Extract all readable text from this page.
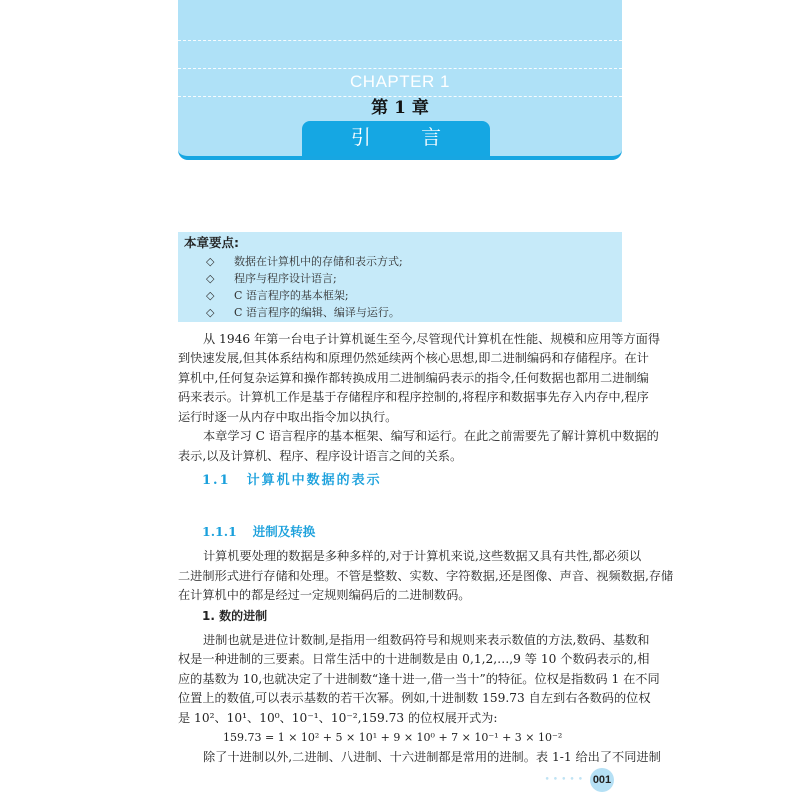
CHAPTER 1
第 1 章
引 言
本章要点:
◇ 数据在计算机中的存储和表示方式;
◇ 程序与程序设计语言;
◇ C 语言程序的基本框架;
◇ C 语言程序的编辑、编译与运行。
从 1946 年第一台电子计算机诞生至今,尽管现代计算机在性能、规模和应用等方面得
到快速发展,但其体系结构和原理仍然延续两个核心思想,即二进制编码和存储程序。在计
算机中,任何复杂运算和操作都转换成用二进制编码表示的指令,任何数据也都用二进制编
码来表示。计算机工作是基于存储程序和程序控制的,将程序和数据事先存入内存中,程序
运行时逐一从内存中取出指令加以执行。
本章学习 C 语言程序的基本框架、编写和运行。在此之前需要先了解计算机中数据的
表示,以及计算机、程序、程序设计语言之间的关系。
1.1 计算机中数据的表示
1.1.1 进制及转换
计算机要处理的数据是多种多样的,对于计算机来说,这些数据又具有共性,都必须以
二进制形式进行存储和处理。不管是整数、实数、字符数据,还是图像、声音、视频数据,存储
在计算机中的都是经过一定规则编码后的二进制数码。
1. 数的进制
进制也就是进位计数制,是指用一组数码符号和规则来表示数值的方法,数码、基数和
权是一种进制的三要素。日常生活中的十进制数是由 0,1,2,…,9 等 10 个数码表示的,相
应的基数为 10,也就决定了十进制数“逢十进一,借一当十”的特征。位权是指数码 1 在不同
位置上的数值,可以表示基数的若干次幂。例如,十进制数 159.73 自左到右各数码的位权
是 10²、10¹、10⁰、10⁻¹、10⁻²,159.73 的位权展开式为:
159.73 = 1 × 10² + 5 × 10¹ + 9 × 10⁰ + 7 × 10⁻¹ + 3 × 10⁻²
除了十进制以外,二进制、八进制、十六进制都是常用的进制。表 1-1 给出了不同进制
••••• 001
